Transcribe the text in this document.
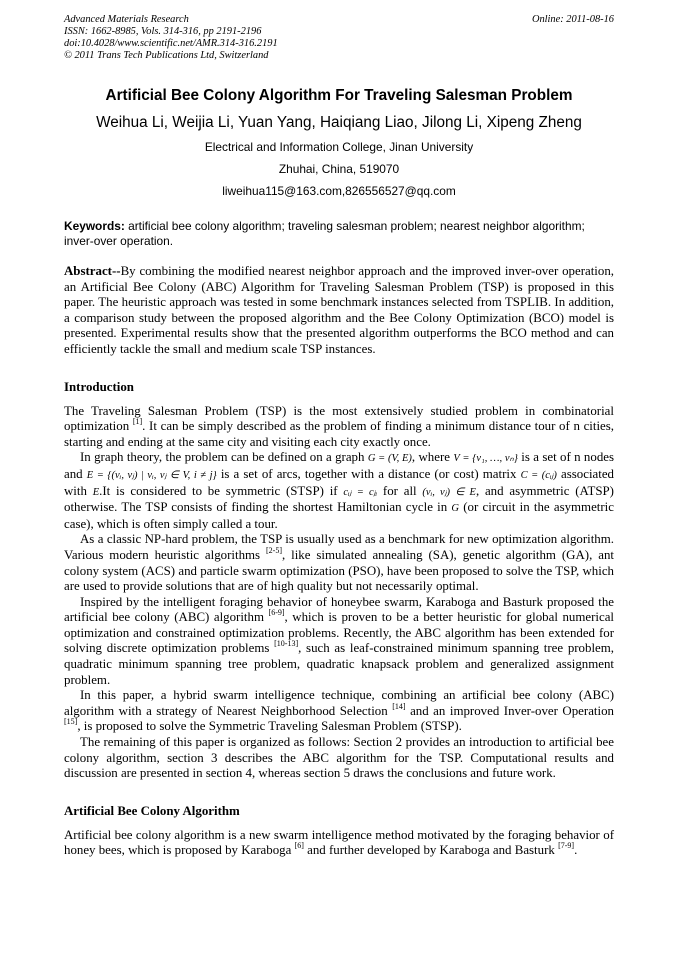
Advanced Materials Research
ISSN: 1662-8985, Vols. 314-316, pp 2191-2196
doi:10.4028/www.scientific.net/AMR.314-316.2191
© 2011 Trans Tech Publications Ltd, Switzerland
Online: 2011-08-16
Artificial Bee Colony Algorithm For Traveling Salesman Problem
Weihua Li, Weijia Li, Yuan Yang, Haiqiang Liao, Jilong Li, Xipeng Zheng
Electrical and Information College, Jinan University
Zhuhai, China, 519070
liweihua115@163.com,826556527@qq.com
Keywords: artificial bee colony algorithm; traveling salesman problem; nearest neighbor algorithm; inver-over operation.

Abstract--By combining the modified nearest neighbor approach and the improved inver-over operation, an Artificial Bee Colony (ABC) Algorithm for Traveling Salesman Problem (TSP) is proposed in this paper. The heuristic approach was tested in some benchmark instances selected from TSPLIB. In addition, a comparison study between the proposed algorithm and the Bee Colony Optimization (BCO) model is presented. Experimental results show that the presented algorithm outperforms the BCO method and can efficiently tackle the small and medium scale TSP instances.

Introduction

The Traveling Salesman Problem (TSP) is the most extensively studied problem in combinatorial optimization [1]. It can be simply described as the problem of finding a minimum distance tour of n cities, starting and ending at the same city and visiting each city exactly once.

In graph theory, the problem can be defined on a graph G = (V, E), where V = {v₁, …, vₙ} is a set of n nodes and E = {(vᵢ, vⱼ) | vᵢ, vⱼ ∈ V, i ≠ j} is a set of arcs, together with a distance (or cost) matrix C = (cᵢⱼ) associated with E.It is considered to be symmetric (STSP) if cᵢⱼ = cⱼᵢ for all (vᵢ, vⱼ) ∈ E, and asymmetric (ATSP) otherwise. The TSP consists of finding the shortest Hamiltonian cycle in G (or circuit in the asymmetric case), which is often simply called a tour.

As a classic NP-hard problem, the TSP is usually used as a benchmark for new optimization algorithm. Various modern heuristic algorithms [2-5], like simulated annealing (SA), genetic algorithm (GA), ant colony system (ACS) and particle swarm optimization (PSO), have been proposed to solve the TSP, which are used to provide solutions that are of high quality but not necessarily optimal.

Inspired by the intelligent foraging behavior of honeybee swarm, Karaboga and Basturk proposed the artificial bee colony (ABC) algorithm [6-9], which is proven to be a better heuristic for global numerical optimization and constrained optimization problems. Recently, the ABC algorithm has been extended for solving discrete optimization problems [10-13], such as leaf-constrained minimum spanning tree problem, quadratic minimum spanning tree problem, quadratic knapsack problem and generalized assignment problem.

In this paper, a hybrid swarm intelligence technique, combining an artificial bee colony (ABC) algorithm with a strategy of Nearest Neighborhood Selection [14] and an improved Inver-over Operation [15], is proposed to solve the Symmetric Traveling Salesman Problem (STSP).

The remaining of this paper is organized as follows: Section 2 provides an introduction to artificial bee colony algorithm, section 3 describes the ABC algorithm for the TSP. Computational results and discussion are presented in section 4, whereas section 5 draws the conclusions and future work.

Artificial Bee Colony Algorithm

Artificial bee colony algorithm is a new swarm intelligence method motivated by the foraging behavior of honey bees, which is proposed by Karaboga [6] and further developed by Karaboga and Basturk [7-9].
